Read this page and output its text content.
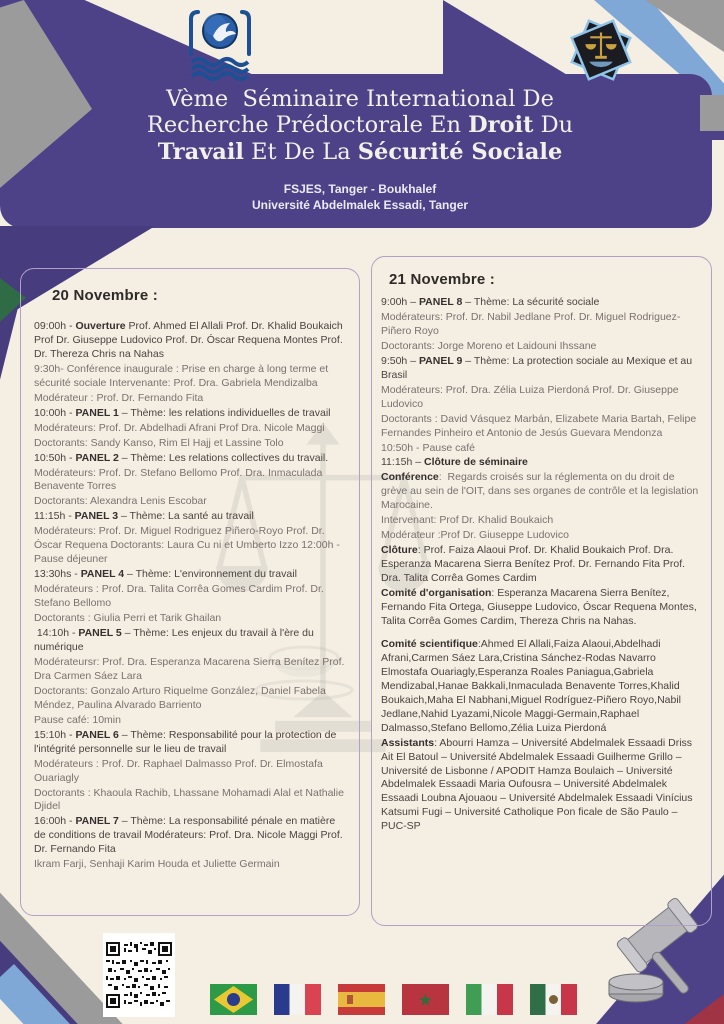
Vème  Séminaire International De
Recherche Prédoctorale En Droit Du
Travail Et De La Sécurité Sociale
FSJES, Tanger - Boukhalef
Université Abdelmalek Essadi, Tanger
20 Novembre :
09:00h - Ouverture Prof. Ahmed El Allali Prof. Dr. Khalid Boukaich Prof Dr. Giuseppe Ludovico Prof. Dr. Óscar Requena Montes Prof. Dr. Thereza Chris na Nahas
9:30h- Conférence inaugurale : Prise en charge à long terme et sécurité sociale Intervenante: Prof. Dra. Gabriela Mendizalba
Modérateur : Prof. Dr. Fernando Fita
10:00h - PANEL 1 – Thème: les relations individuelles de travail
Modérateurs: Prof. Dr. Abdelhadi Afrani Prof Dra. Nicole Maggi
Doctorants: Sandy Kanso, Rim El Hajj et Lassine Tolo
10:50h - PANEL 2 – Thème: Les relations collectives du travail.
Modérateurs: Prof. Dr. Stefano Bellomo Prof. Dra. Inmaculada Benavente Torres
Doctorants: Alexandra Lenis Escobar
11:15h - PANEL 3 – Thème: La santé au travail
Modérateurs: Prof. Dr. Miguel Rodriguez Piñero-Royo Prof. Dr. Óscar Requena Doctorants: Laura Cu ni et Umberto Izzo 12:00h - Pause déjeuner
13:30hs - PANEL 4 – Thème: L'environnement du travail
Modérateurs : Prof. Dra. Talita Corrêa Gomes Cardim Prof. Dr. Stefano Bellomo
Doctorants : Giulia Perri et Tarik Ghailan
14:10h - PANEL 5 – Thème: Les enjeux du travail à l'ère du numérique
Modérateursr: Prof. Dra. Esperanza Macarena Sierra Benítez Prof. Dra Carmen Sáez Lara
Doctorants: Gonzalo Arturo Riquelme González, Daniel Fabela Méndez, Paulina Alvarado Barriento
Pause café: 10min
15:10h - PANEL 6 – Thème: Responsabilité pour la protection de l'intégrité personnelle sur le lieu de travail
Modérateurs : Prof. Dr. Raphael Dalmasso Prof. Dr. Elmostafa Ouariagly
Doctorants : Khaoula Rachib, Lhassane Mohamadi Alal et Nathalie Djidel
16:00h - PANEL 7 – Thème: La responsabilité pénale en matière de conditions de travail Modérateurs: Prof. Dra. Nicole Maggi Prof. Dr. Fernando Fita
Ikram Farji, Senhaji Karim Houda et Juliette Germain
21 Novembre :
9:00h – PANEL 8 – Thème: La sécurité sociale
Modérateurs: Prof. Dr. Nabil Jedlane Prof. Dr. Miguel Rodriguez-Piñero Royo
Doctorants: Jorge Moreno et Laidouni Ihssane
9:50h – PANEL 9 – Thème: La protection sociale au Mexique et au Brasil
Modérateurs: Prof. Dra. Zélia Luiza Pierdoná Prof. Dr. Giuseppe Ludovico
Doctorants : David Vásquez Marbán, Elizabete Maria Bartah, Felipe Fernandes Pinheiro et Antonio de Jesús Guevara Mendonza
10:50h - Pause café
11:15h – Clôture de séminaire
Conférence:  Regards croisés sur la réglementa on du droit de grève au sein de l'OIT, dans ses organes de contrôle et la legislation Marocaine.
Intervenant: Prof Dr. Khalid Boukaich
Modérateur :Prof Dr. Giuseppe Ludovico
Clôture: Prof. Faiza Alaoui Prof. Dr. Khalid Boukaich Prof. Dra. Esperanza Macarena Sierra Benítez Prof. Dr. Fernando Fita Prof. Dra. Talita Corrêa Gomes Cardim
Comité d'organisation: Esperanza Macarena Sierra Benítez, Fernando Fita Ortega, Giuseppe Ludovico, Óscar Requena Montes, Talita Corrêa Gomes Cardim, Thereza Chris na Nahas.
Comité scientifique:Ahmed El Allali,Faiza Alaoui,Abdelhadi Afrani,Carmen Sáez Lara,Cristina Sánchez-Rodas Navarro Elmostafa Ouariagly,Esperanza Roales Paniagua,Gabriela Mendizabal,Hanae Bakkali,Inmaculada Benavente Torres,Khalid Boukaich,Maha El Nabhani,Miguel Rodríguez-Piñero Royo,Nabil Jedlane,Nahid Lyazami,Nicole Maggi-Germain,Raphael Dalmasso,Stefano Bellomo,Zélia Luiza Pierdoná
Assistants: Abourri Hamza – Université Abdelmalek Essaadi Driss Ait El Batoul – Université Abdelmalek Essaadi Guilherme Grillo – Université de Lisbonne / APODIT Hamza Boulaich – Université Abdelmalek Essaadi Maria Oufousra – Université Abdelmalek Essaadi Loubna Ajouaou – Université Abdelmalek Essaadi Vinícius Katsumi Fugi – Université Catholique Pon ficale de São Paulo – PUC-SP
